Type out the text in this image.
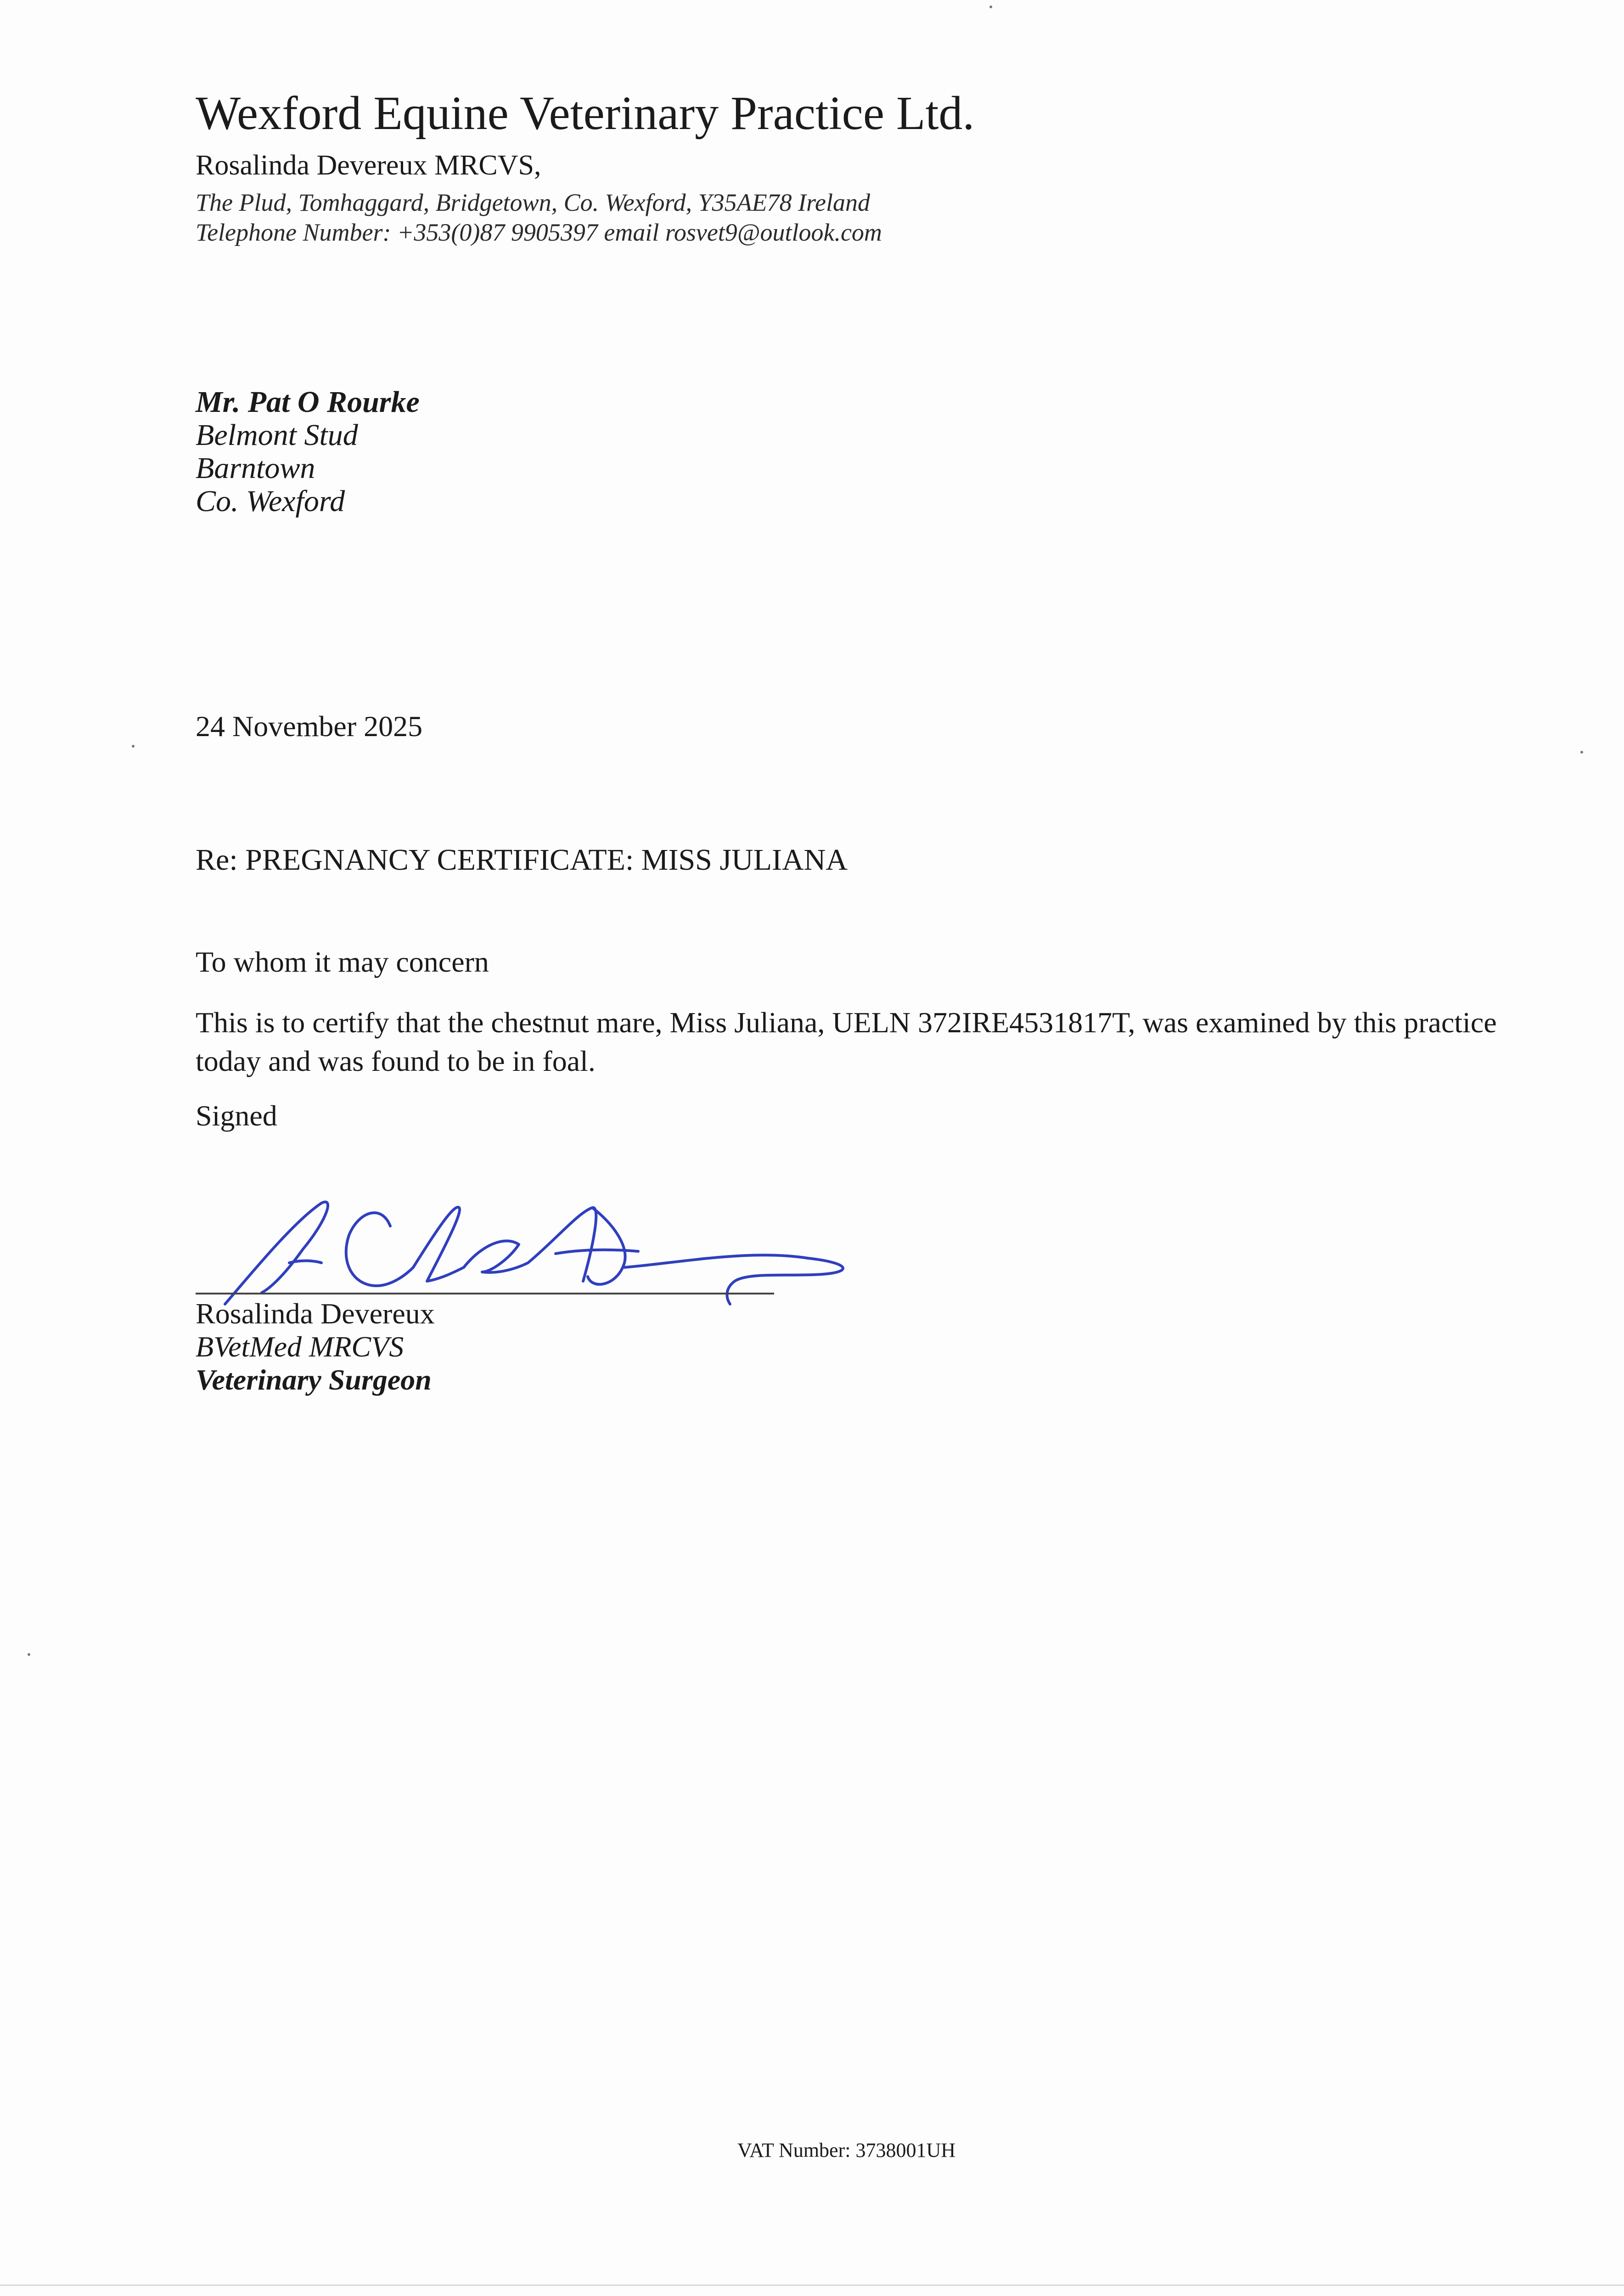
Wexford Equine Veterinary Practice Ltd.
Rosalinda Devereux MRCVS,
The Plud, Tomhaggard, Bridgetown, Co. Wexford, Y35AE78 Ireland
Telephone Number: +353(0)87 9905397 email rosvet9@outlook.com
Mr. Pat O Rourke
Belmont Stud
Barntown
Co. Wexford
24 November 2025
Re: PREGNANCY CERTIFICATE: MISS JULIANA
To whom it may concern
This is to certify that the chestnut mare, Miss Juliana, UELN 372IRE4531817T, was examined by this practice today and was found to be in foal.
Signed
Rosalinda Devereux
BVetMed MRCVS
Veterinary Surgeon
VAT Number: 3738001UH
